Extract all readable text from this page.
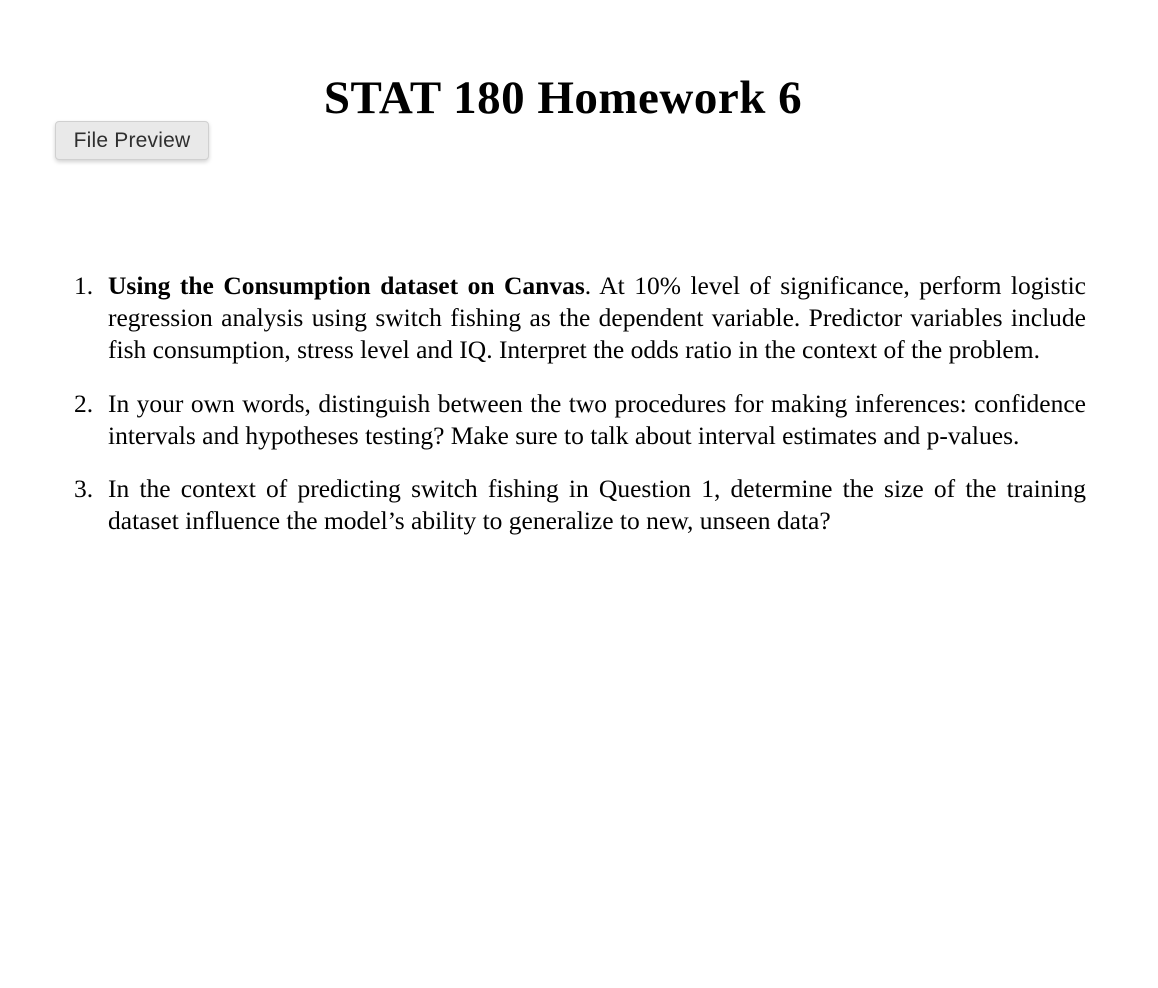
File Preview
STAT 180 Homework 6
1. Using the Consumption dataset on Canvas. At 10% level of significance, perform logistic regression analysis using switch fishing as the dependent variable. Predictor variables include fish consumption, stress level and IQ. Interpret the odds ratio in the context of the problem.
2. In your own words, distinguish between the two procedures for making inferences: confidence intervals and hypotheses testing? Make sure to talk about interval estimates and p-values.
3. In the context of predicting switch fishing in Question 1, determine the size of the training dataset influence the model’s ability to generalize to new, unseen data?
